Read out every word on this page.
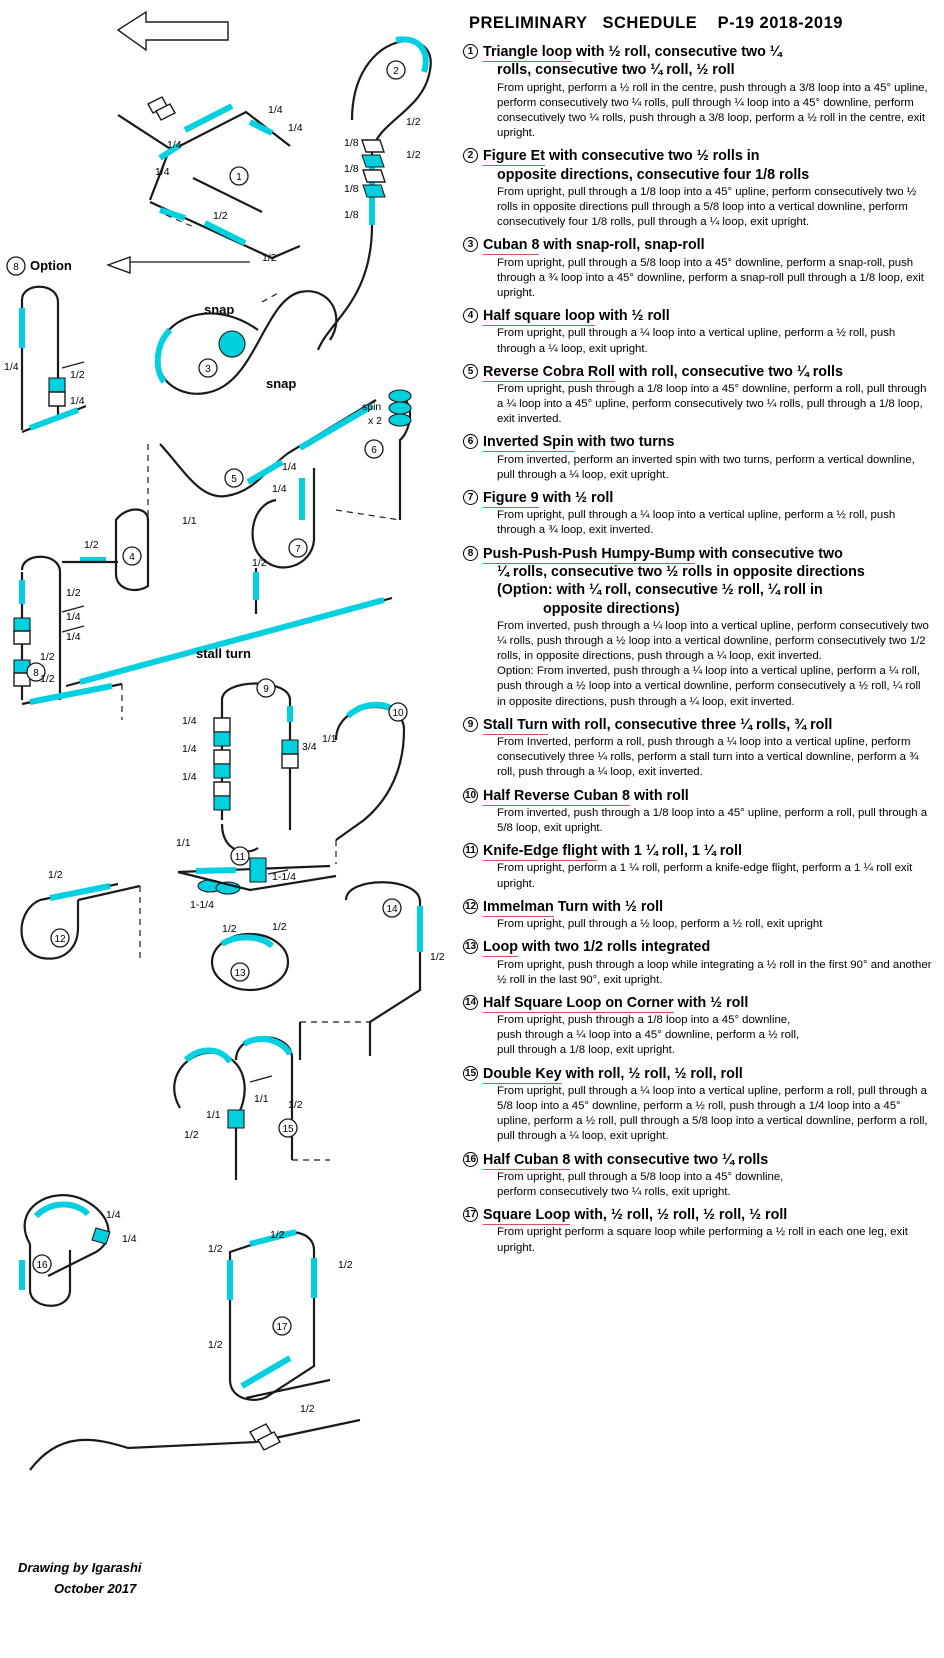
1
1/4
1/4
1/4
1/4
1/2
1/2
2
1/8
1/8
1/8
1/8
1/2
1/2
3
snap
snap
Option
8
1/4
1/2
1/4
5
1/4
1/4
6
spin
x 2
4
1/2
1/1
7
1/2
8
1/2
1/4
1/4
1/2
1/2
stall turn
9
1/4
1/4
1/4
3/4
1/1
10
1/1
11
1-1/4
1-1/4
12
1/2
13
1/2	1/2
14
1/2
15
1/1
1/1 1/2
1/2
16
1/4
1/4
17
1/2
1/2
1/2
1/2
1/2
Drawing by Igarashi
October 2017
PRELIMINARY   SCHEDULE    P-19 2018-2019
1 Triangle loop with ½ roll, consecutive two ¼
rolls, consecutive two ¼ roll, ½ roll

From upright, perform a ½ roll in the centre, push through a 3/8 loop into a 45° upline, perform consecutively two ¼ rolls, pull through ¼ loop into a 45° downline, perform consecutively two ¼ rolls, push through a 3/8 loop, perform a ½ roll in the centre, exit upright.

2 Figure Et with consecutive two ½ rolls in
opposite directions, consecutive four 1/8 rolls

From upright, pull through a 1/8 loop into a 45° upline, perform consecutively two ½ rolls in opposite directions pull through a 5/8 loop into a vertical downline, perform consecutively four 1/8 rolls, pull through a ¼ loop, exit upright.

3 Cuban 8 with snap-roll, snap-roll

From upright, pull through a 5/8 loop into a 45° downline, perform a snap-roll, push through a ¾ loop into a 45° downline, perform a snap-roll pull through a 1/8 loop, exit upright.

4 Half square loop with ½ roll

From upright, pull through a ¼ loop into a vertical upline, perform a ½ roll, push through a ¼ loop, exit upright.

5 Reverse Cobra Roll with roll, consecutive two ¼ rolls

From upright, push through a 1/8 loop into a 45° downline, perform a roll, pull through a ¼ loop into a 45° upline, perform consecutively two ¼ rolls, pull through a 1/8 loop, exit inverted.

6 Inverted Spin with two turns

From inverted, perform an inverted spin with two turns, perform a vertical downline, pull through a ¼ loop, exit upright.

7 Figure 9 with ½ roll

From upright, pull through a ¼ loop into a vertical upline, perform a ½ roll, push through a ¾ loop, exit inverted.

8 Push-Push-Push Humpy-Bump with consecutive two
¼ rolls, consecutive two ½ rolls in opposite directions
(Option: with ¼ roll, consecutive ½ roll, ¼ roll in
opposite directions)

From inverted, push through a ¼ loop into a vertical upline, perform consecutively two ¼ rolls, push through a ½ loop into a vertical downline, perform consecutively two 1/2 rolls, in opposite directions, push through a ¼ loop, exit inverted.

Option: From inverted, push through a ¼ loop into a vertical upline, perform a ¼ roll, push through a ½ loop into a vertical downline, perform consecutively a ½ roll, ¼ roll in opposite directions, push through a ¼ loop, exit inverted.

9 Stall Turn with roll, consecutive three ¼ rolls, ¾ roll

From Inverted, perform a roll, push through a ¼ loop into a vertical upline, perform consecutively three ¼ rolls, perform a stall turn into a vertical downline, perform a ¾ roll, push through a ¼ loop, exit inverted.

10 Half Reverse Cuban 8 with roll

From inverted, push through a 1/8 loop into a 45° upline, perform a roll, pull through a 5/8 loop, exit upright.

11 Knife-Edge flight with 1 ¼ roll, 1 ¼ roll

From upright, perform a 1 ¼ roll, perform a knife-edge flight, perform a 1 ¼ roll exit upright.

12 Immelman Turn with ½ roll

From upright, pull through a ½ loop, perform a ½ roll, exit upright

13 Loop with two 1/2 rolls integrated

From upright, push through a loop while integrating a ½ roll in the first 90° and another ½ roll in the last 90°, exit upright.

14 Half Square Loop on Corner with ½ roll

From upright, push through a 1/8 loop into a 45° downline,

push through a ¼ loop into a 45° downline, perform a ½ roll,

pull through a 1/8 loop, exit upright.

15 Double Key with roll, ½ roll, ½ roll, roll

From upright, pull through a ¼ loop into a vertical upline, perform a roll, pull through a 5/8 loop into a 45° downline, perform a ½ roll, push through a 1/4 loop into a 45° upline, perform a ½ roll, pull through a 5/8 loop into a vertical downline, perform a roll, pull through a ¼ loop, exit upright.

16 Half Cuban 8 with consecutive two ¼ rolls

From upright, pull through a 5/8 loop into a 45° downline,

perform consecutively two ¼ rolls, exit upright.

17 Square Loop with, ½ roll, ½ roll, ½ roll, ½ roll

From upright perform a square loop while performing a ½ roll in each one leg, exit upright.
